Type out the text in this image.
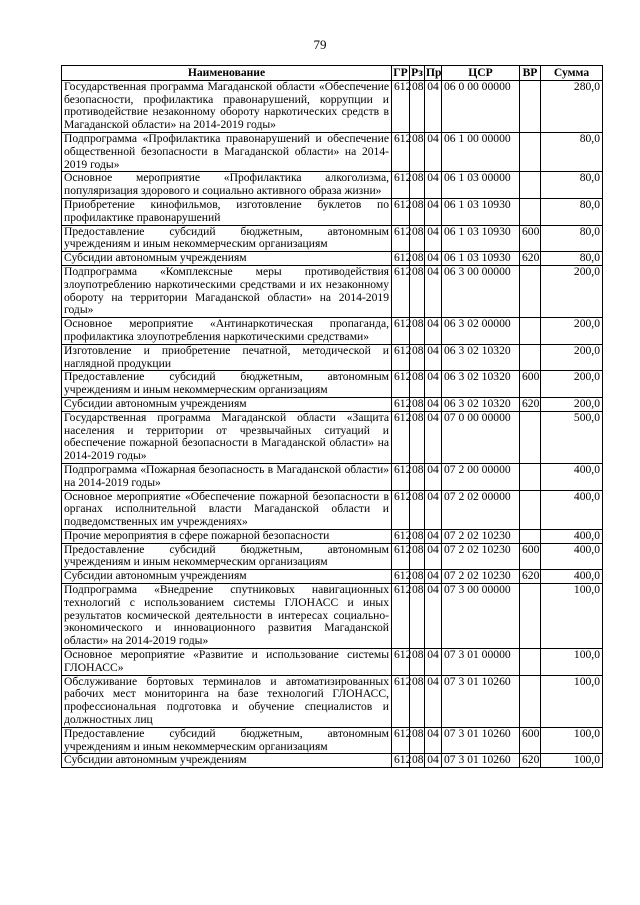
79
Наименование	ГР	Рз	Пр	ЦСР	ВР	Сумма
Государственная программа Магаданской области «Обеспечение безопасности, профилактика правонарушений, коррупции и противодействие незаконному обороту наркотических средств в Магаданской области» на 2014-2019 годы»	612	08	04	06 0 00 00000		280,0
Подпрограмма «Профилактика правонарушений и обеспечение общественной безопасности в Магаданской области» на 2014-2019 годы»	612	08	04	06 1 00 00000		80,0
Основное мероприятие «Профилактика алкоголизма, популяризация здорового и социально активного образа жизни»	612	08	04	06 1 03 00000		80,0
Приобретение кинофильмов, изготовление буклетов по профилактике правонарушений	612	08	04	06 1 03 10930		80,0
Предоставление субсидий бюджетным, автономным учреждениям и иным некоммерческим организациям	612	08	04	06 1 03 10930	600	80,0
Субсидии автономным учреждениям	612	08	04	06 1 03 10930	620	80,0
Подпрограмма «Комплексные меры противодействия злоупотреблению наркотическими средствами и их незаконному обороту на территории Магаданской области» на 2014-2019 годы»	612	08	04	06 3 00 00000		200,0
Основное мероприятие «Антинаркотическая пропаганда, профилактика злоупотребления наркотическими средствами»	612	08	04	06 3 02 00000		200,0
Изготовление и приобретение печатной, методической и наглядной продукции	612	08	04	06 3 02 10320		200,0
Предоставление субсидий бюджетным, автономным учреждениям и иным некоммерческим организациям	612	08	04	06 3 02 10320	600	200,0
Субсидии автономным учреждениям	612	08	04	06 3 02 10320	620	200,0
Государственная программа Магаданской области «Защита населения и территории от чрезвычайных ситуаций и обеспечение пожарной безопасности в Магаданской области» на 2014-2019 годы»	612	08	04	07 0 00 00000		500,0
Подпрограмма «Пожарная безопасность в Магаданской области» на 2014-2019 годы»	612	08	04	07 2 00 00000		400,0
Основное мероприятие «Обеспечение пожарной безопасности в органах исполнительной власти Магаданской области и подведомственных им учреждениях»	612	08	04	07 2 02 00000		400,0
Прочие мероприятия в сфере пожарной безопасности	612	08	04	07 2 02 10230		400,0
Предоставление субсидий бюджетным, автономным учреждениям и иным некоммерческим организациям	612	08	04	07 2 02 10230	600	400,0
Субсидии автономным учреждениям	612	08	04	07 2 02 10230	620	400,0
Подпрограмма «Внедрение спутниковых навигационных технологий с использованием системы ГЛОНАСС и иных результатов космической деятельности в интересах социально-экономического и инновационного развития Магаданской области» на 2014-2019 годы»	612	08	04	07 3 00 00000		100,0
Основное мероприятие «Развитие и использование системы ГЛОНАСС»	612	08	04	07 3 01 00000		100,0
Обслуживание бортовых терминалов и автоматизированных рабочих мест мониторинга на базе технологий ГЛОНАСС, профессиональная подготовка и обучение специалистов и должностных лиц	612	08	04	07 3 01 10260		100,0
Предоставление субсидий бюджетным, автономным учреждениям и иным некоммерческим организациям	612	08	04	07 3 01 10260	600	100,0
Субсидии автономным учреждениям	612	08	04	07 3 01 10260	620	100,0
